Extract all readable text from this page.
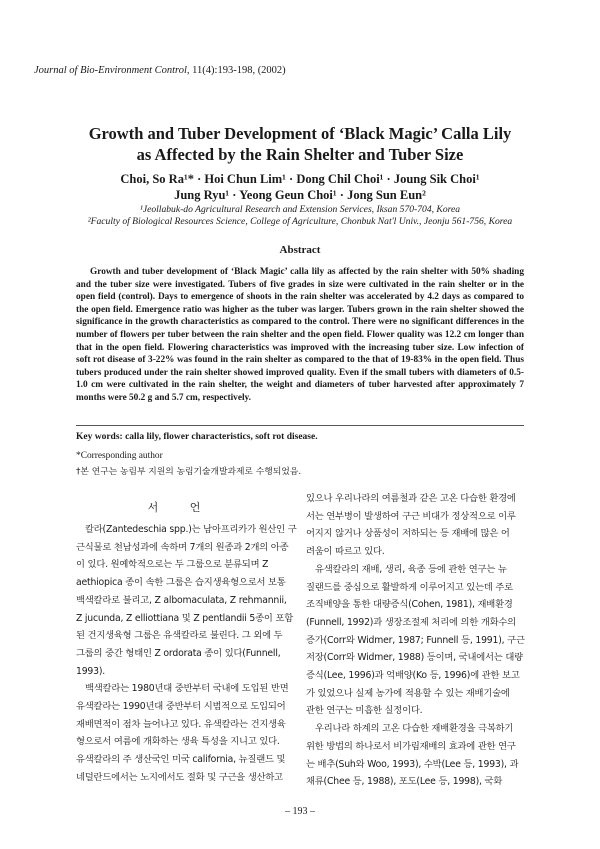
Journal of Bio-Environment Control, 11(4):193-198, (2002)
Growth and Tuber Development of ‘Black Magic’ Calla Lily
as Affected by the Rain Shelter and Tuber Size
Choi, So Ra¹* · Hoi Chun Lim¹ · Dong Chil Choi¹ · Joung Sik Choi¹
Jung Ryu¹ · Yeong Geun Choi¹ · Jong Sun Eun²
¹Jeollabuk-do Agricultural Research and Extension Services, Iksan 570-704, Korea
²Faculty of Biological Resources Science, College of Agriculture, Chonbuk Nat'l Univ., Jeonju 561-756, Korea
Abstract
Growth and tuber development of ‘Black Magic’ calla lily as affected by the rain shelter with 50% shading and the tuber size were investigated. Tubers of five grades in size were cultivated in the rain shelter or in the open field (control). Days to emergence of shoots in the rain shelter was accelerated by 4.2 days as compared to the open field. Emergence ratio was higher as the tuber was larger. Tubers grown in the rain shelter showed the significance in the growth characteristics as compared to the control. There were no significant differences in the number of flowers per tuber between the rain shelter and the open field. Flower quality was 12.2 cm longer than that in the open field. Flowering characteristics was improved with the increasing tuber size. Low infection of soft rot disease of 3-22% was found in the rain shelter as compared to the that of 19-83% in the open field. Thus tubers produced under the rain shelter showed improved quality. Even if the small tubers with diameters of 0.5-1.0 cm were cultivated in the rain shelter, the weight and diameters of tuber harvested after approximately 7 months were 50.2 g and 5.7 cm, respectively.
Key words: calla lily, flower characteristics, soft rot disease.
*Corresponding author
†본 연구는 농림부 지원의 농림기술개발과제로 수행되었음.
서 언
칼라(Zantedeschia spp.)는 남아프리카가 원산인 구
근식물로 천남성과에 속하며 7개의 원종과 2개의 아종
이 있다. 원예학적으로는 두 그룹으로 분류되며 Z
aethiopica 종이 속한 그룹은 습지생육형으로서 보통
백색칼라로 불리고, Z albomaculata, Z rehmannii,
Z jucunda, Z elliottiana 및 Z pentlandii 5종이 포함
된 건지생육형 그룹은 유색칼라로 불린다. 그 외에 두
그룹의 중간 형태인 Z ordorata 종이 있다(Funnell,
1993).
백색칼라는 1980년대 중반부터 국내에 도입된 반면
유색칼라는 1990년대 중반부터 시범적으로 도입되어
재배면적이 점차 늘어나고 있다. 유색칼라는 건지생육
형으로서 여름에 개화하는 생육 특성을 지니고 있다.
유색칼라의 주 생산국인 미국 california, 뉴질랜드 및
네덜란드에서는 노지에서도 절화 및 구근을 생산하고
있으나 우리나라의 여름철과 같은 고온 다습한 환경에
서는 연부병이 발생하여 구근 비대가 정상적으로 이루
어지지 않거나 상품성이 저하되는 등 재배에 많은 어
려움이 따르고 있다.
유색칼라의 재배, 생리, 육종 등에 관한 연구는 뉴
질랜드를 중심으로 활발하게 이루어지고 있는데 주로
조직배양을 통한 대량증식(Cohen, 1981), 재배환경
(Funnell, 1992)과 생장조절제 처리에 의한 개화수의
증가(Corr와 Widmer, 1987; Funnell 등, 1991), 구근
저장(Corr와 Widmer, 1988) 등이며, 국내에서는 대량
증식(Lee, 1996)과 억배양(Ko 등, 1996)에 관한 보고
가 있었으나 실제 농가에 적용할 수 있는 재배기술에
관한 연구는 미흡한 실정이다.
우리나라 하계의 고온 다습한 재배환경을 극복하기
위한 방법의 하나로서 비가림재배의 효과에 관한 연구
는 배추(Suh와 Woo, 1993), 수박(Lee 등, 1993), 과
채류(Chee 등, 1988), 포도(Lee 등, 1998), 국화
– 193 –
